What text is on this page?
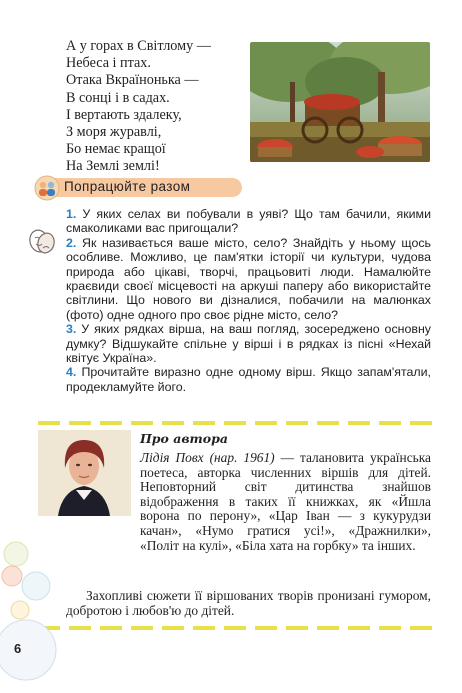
А у горах в Світлому —
Небеса і птах.
Отака Вкраїнонька —
В сонці і в садах.
І вертають здалеку,
З моря журавлі,
Бо немає кращої
На Землі землі!
Попрацюйте разом

1. У яких селах ви побували в уяві? Що там бачили, якими смаколиками вас пригощали?

2. Як називається ваше місто, село? Знайдіть у ньому щось особливе. Можливо, це пам'ятки історії чи культури, чудова природа або цікаві, творчі, працьовиті люди. Намалюйте краєвиди своєї місцевості на аркуші паперу або використайте світлини. Що нового ви дізналися, побачили на малюнках (фото) одне одного про своє рідне місто, село?

3. У яких рядках вірша, на ваш погляд, зосереджено основну думку? Відшукайте спільне у вірші і в рядках із пісні «Нехай квітує Україна».

4. Прочитайте виразно одне одному вірш. Якщо запам'ятали, продекламуйте його.

Про автора

Лідія Повх (нар. 1961) — талановита українська поетеса, авторка численних віршів для дітей. Неповторний світ дитинства знайшов відображення в таких її книжках, як «Йшла ворона по перону», «Цар Іван — з кукурудзи качан», «Нумо гратися усі!», «Дражнилки», «Політ на кулі», «Біла хата на горбку» та інших.

Захопливі сюжети її віршованих творів пронизані гумором, добротою і любов'ю до дітей.

6
